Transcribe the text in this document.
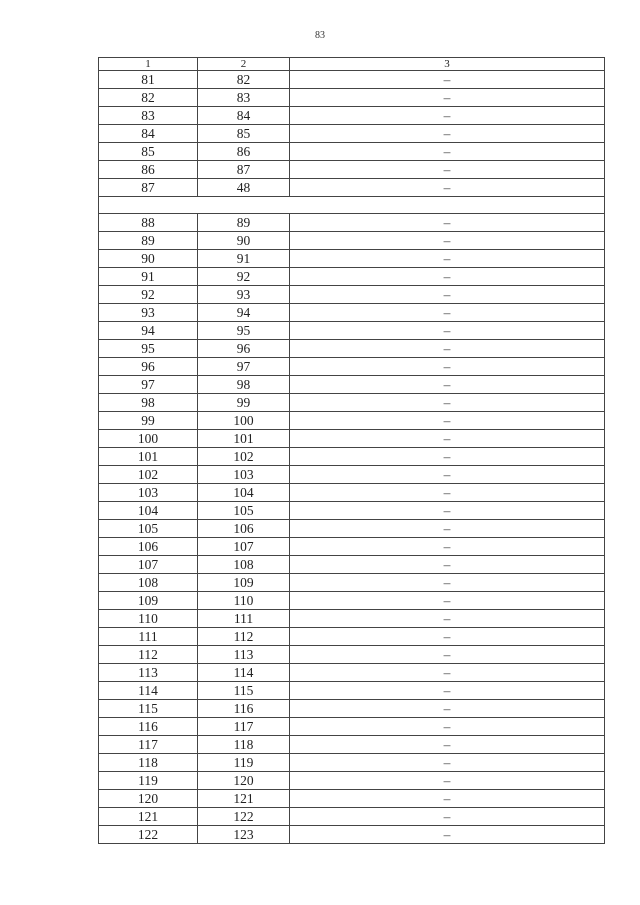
83
1	2	3
81	82	–
82	83	–
83	84	–
84	85	–
85	86	–
86	87	–
87	48	–

88	89	–
89	90	–
90	91	–
91	92	–
92	93	–
93	94	–
94	95	–
95	96	–
96	97	–
97	98	–
98	99	–
99	100	–
100	101	–
101	102	–
102	103	–
103	104	–
104	105	–
105	106	–
106	107	–
107	108	–
108	109	–
109	110	–
110	111	–
111	112	–
112	113	–
113	114	–
114	115	–
115	116	–
116	117	–
117	118	–
118	119	–
119	120	–
120	121	–
121	122	–
122	123	–
